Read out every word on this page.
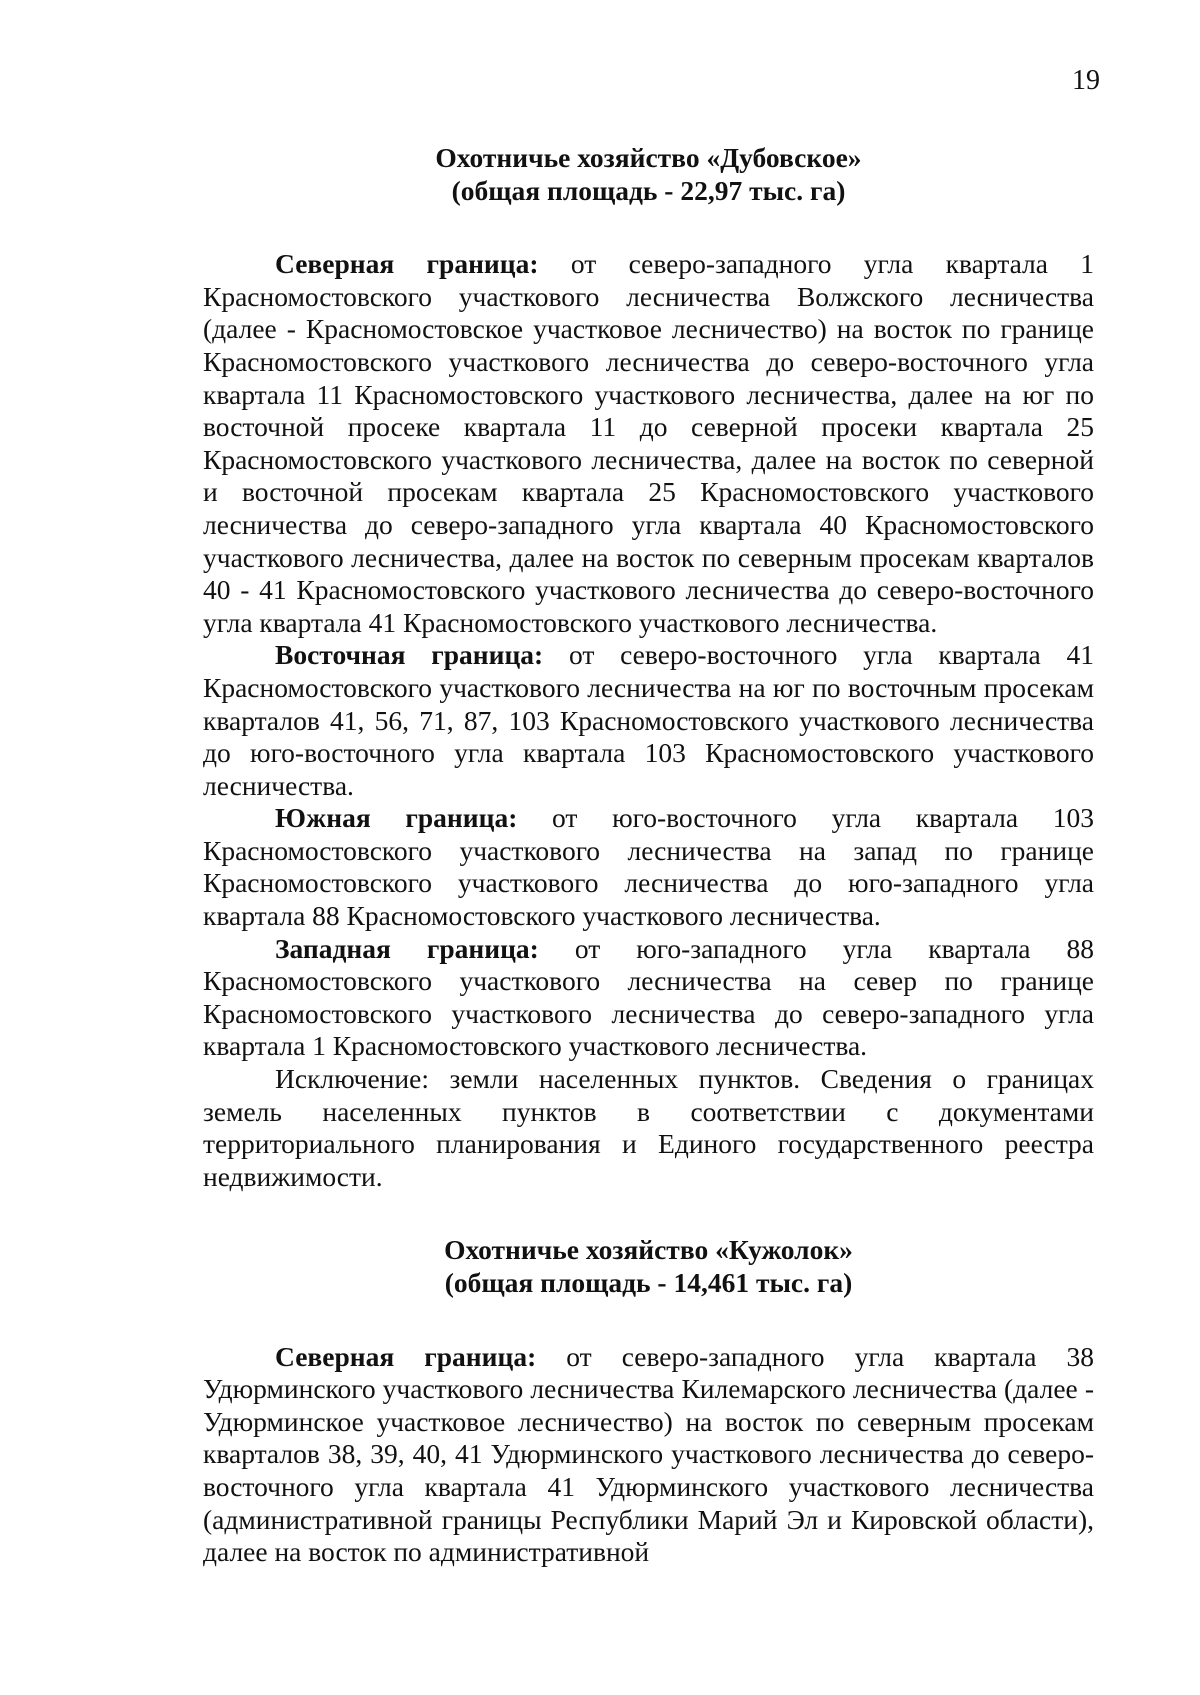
19
Охотничье хозяйство «Дубовское»
(общая площадь - 22,97 тыс. га)

Северная граница: от северо-западного угла квартала 1 Красномостовского участкового лесничества Волжского лесничества (далее - Красномостовское участковое лесничество) на восток по границе Красномостовского участкового лесничества до северо-восточного угла квартала 11 Красномостовского участкового лесничества, далее на юг по восточной просеке квартала 11 до северной просеки квартала 25 Красномостовского участкового лесничества, далее на восток по северной и восточной просекам квартала 25 Красномостовского участкового лесничества до северо-западного угла квартала 40 Красномостовского участкового лесничества, далее на восток по северным просекам кварталов 40 - 41 Красномостовского участкового лесничества до северо-восточного угла квартала 41 Красномостовского участкового лесничества.

Восточная граница: от северо-восточного угла квартала 41 Красномостовского участкового лесничества на юг по восточным просекам кварталов 41, 56, 71, 87, 103 Красномостовского участкового лесничества до юго-восточного угла квартала 103 Красномостовского участкового лесничества.

Южная граница: от юго-восточного угла квартала 103 Красномостовского участкового лесничества на запад по границе Красномостовского участкового лесничества до юго-западного угла квартала 88 Красномостовского участкового лесничества.

Западная граница: от юго-западного угла квартала 88 Красномостовского участкового лесничества на север по границе Красномостовского участкового лесничества до северо-западного угла квартала 1 Красномостовского участкового лесничества.

Исключение: земли населенных пунктов. Сведения о границах земель населенных пунктов в соответствии с документами территориального планирования и Единого государственного реестра недвижимости.

Охотничье хозяйство «Кужолок»
(общая площадь - 14,461 тыс. га)

Северная граница: от северо-западного угла квартала 38 Удюрминского участкового лесничества Килемарского лесничества (далее - Удюрминское участковое лесничество) на восток по северным просекам кварталов 38, 39, 40, 41 Удюрминского участкового лесничества до северо-восточного угла квартала 41 Удюрминского участкового лесничества (административной границы Республики Марий Эл и Кировской области), далее на восток по административной
